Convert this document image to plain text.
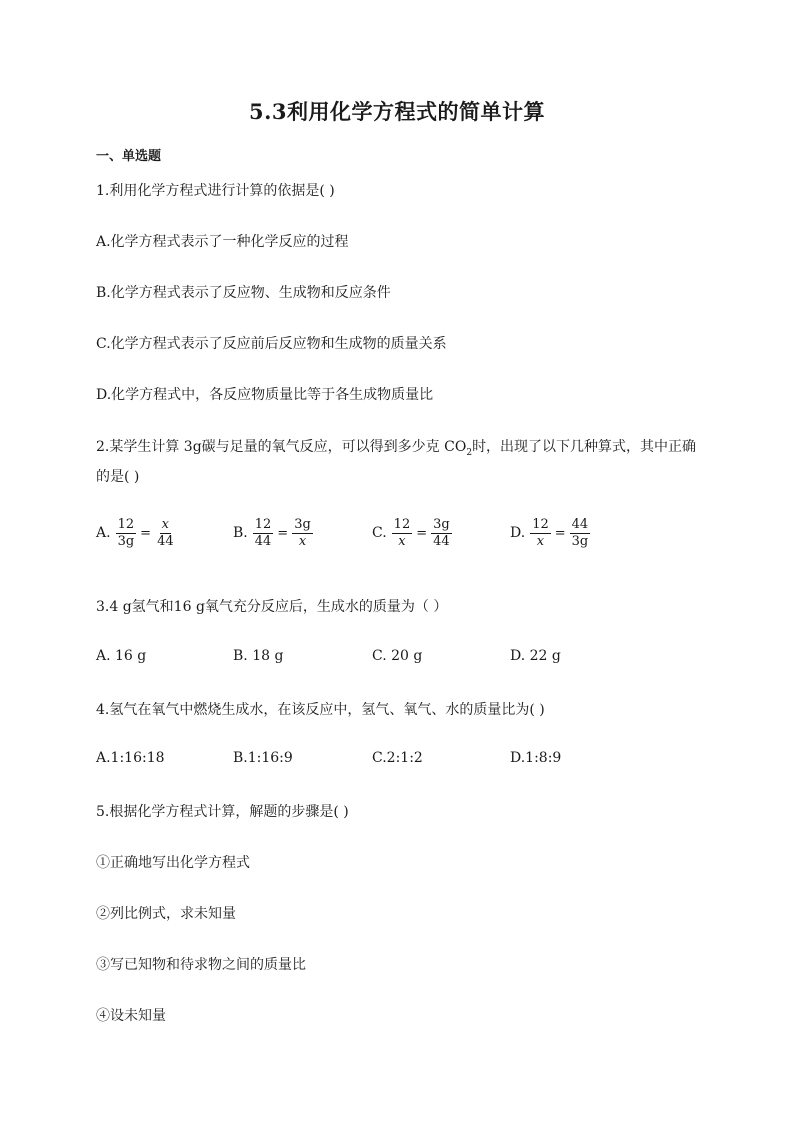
5.3利用化学方程式的简单计算
一、单选题
1.利用化学方程式进行计算的依据是( )
A.化学方程式表示了一种化学反应的过程
B.化学方程式表示了反应物、生成物和反应条件
C.化学方程式表示了反应前后反应物和生成物的质量关系
D.化学方程式中，各反应物质量比等于各生成物质量比
2.某学生计算 3g碳与足量的氧气反应，可以得到多少克 $CO_2$时，出现了以下几种算式，其中正确
的是( )
A. $\frac{12}{3g} = \frac{x}{44}$	B. $\frac{12}{44} = \frac{3g}{x}$	C. $\frac{12}{x} = \frac{3g}{44}$	D. $\frac{12}{x} = \frac{44}{3g}$
3.4 g氢气和16 g氧气充分反应后，生成水的质量为（ ）
A. 16 g	B. 18 g	C. 20 g	D. 22 g
4.氢气在氧气中燃烧生成水，在该反应中，氢气、氧气、水的质量比为( )
A.1:16:18	B.1:16:9	C.2:1:2	D.1:8:9
5.根据化学方程式计算，解题的步骤是( )
①正确地写出化学方程式
②列比例式，求未知量
③写已知物和待求物之间的质量比
④设未知量
